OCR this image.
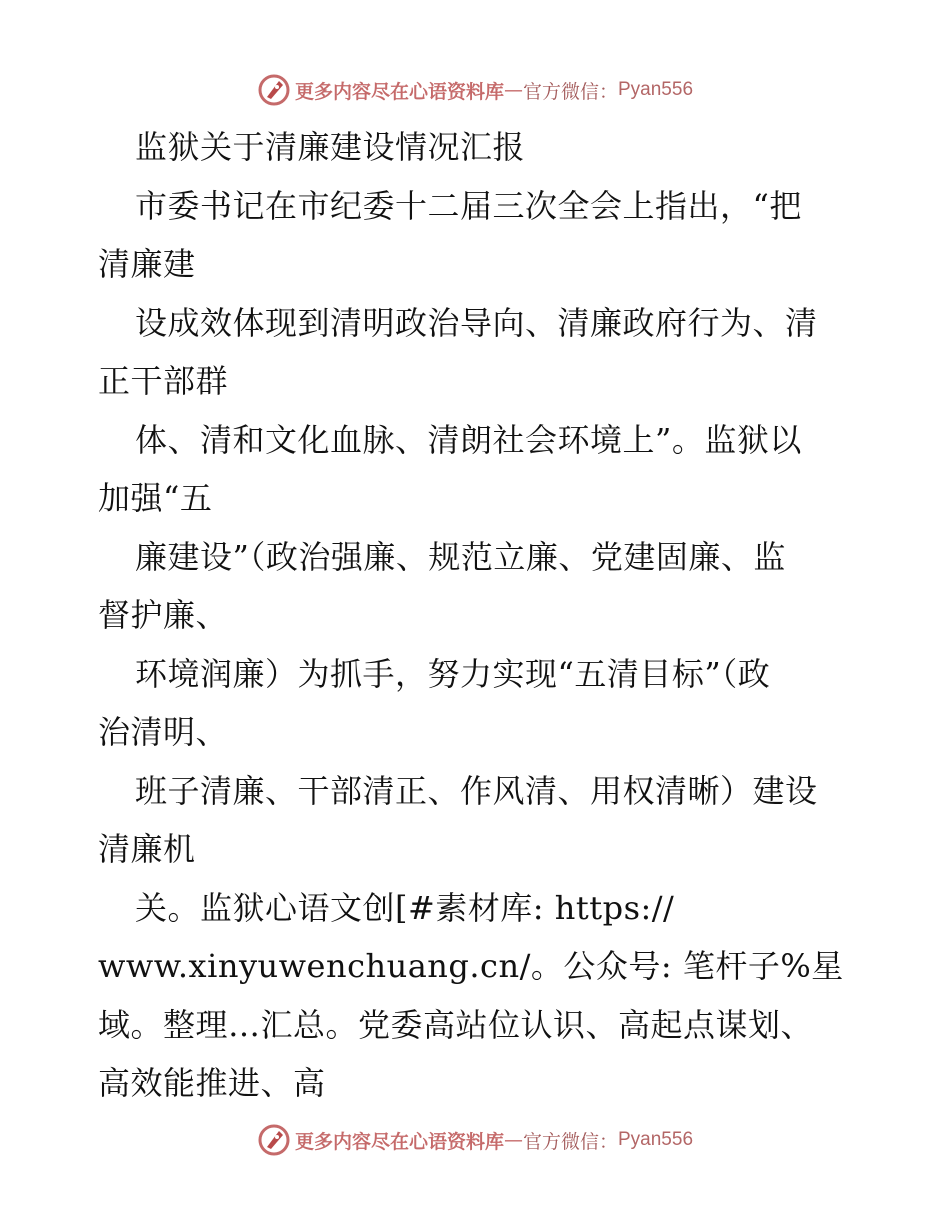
更多内容尽在心语资料库 — 官方微信： Pyan556
监狱关于清廉建设情况汇报
市委书记在市纪委十二届三次全会上指出，“把
清廉建
设成效体现到清明政治导向、清廉政府行为、清
正干部群
体、清和文化血脉、清朗社会环境上”。监狱以
加强“五
廉建设”（政治强廉、规范立廉、党建固廉、监
督护廉、
环境润廉）为抓手，努力实现“五清目标”（政
治清明、
班子清廉、干部清正、作风清、用权清晰）建设
清廉机
关。监狱心语文创[#素材库: https://
www.xinyuwenchuang.cn/。公众号: 笔杆子%星
域。整理…汇总。党委高站位认识、高起点谋划、
高效能推进、高
更多内容尽在心语资料库 — 官方微信： Pyan556
